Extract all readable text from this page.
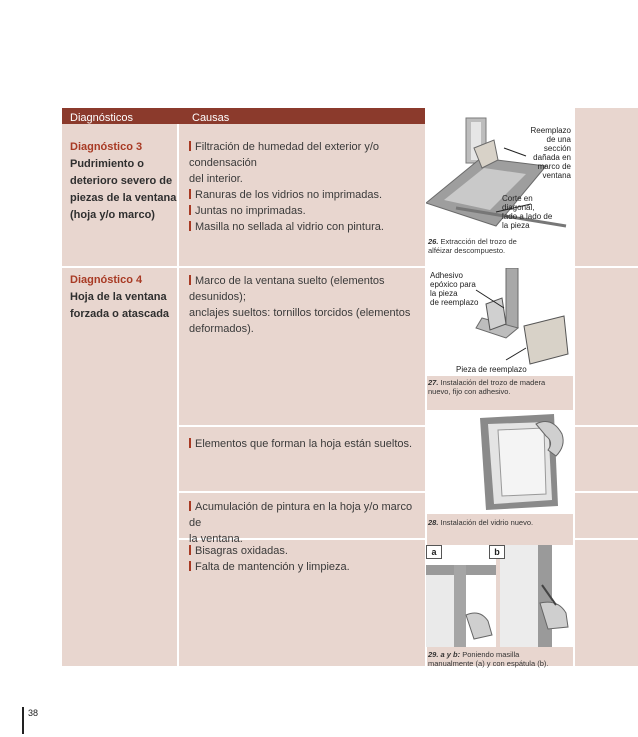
Diagnósticos	Causas
Diagnóstico 3
Pudrimiento o
deterioro severo de
piezas de la ventana
(hoja y/o marco)
Filtración de humedad del exterior y/o condensación
del interior.
Ranuras de los vidrios no imprimadas.
Juntas no imprimadas.
Masilla no sellada al vidrio con pintura.
Diagnóstico 4
Hoja de la ventana
forzada o atascada
Marco de la ventana suelto (elementos desunidos);
anclajes sueltos: tornillos torcidos (elementos
deformados).
Elementos que forman la hoja están sueltos.
Acumulación de pintura en la hoja y/o marco de
la ventana.
Bisagras oxidadas.
Falta de mantención y limpieza.
Reemplazo
de una
sección
dañada en
marco de
ventana
Corte en
diagonal,
lado a lado de
la pieza
26. Extracción del trozo de
alféizar descompuesto.
Adhesivo
epóxico para
la pieza
de reemplazo
Pieza de reemplazo
27. Instalación del trozo de madera
nuevo, fijo con adhesivo.
28. Instalación del vidrio nuevo.
a	b
29. a y b: Poniendo masilla
manualmente (a) y con espátula (b).
38
